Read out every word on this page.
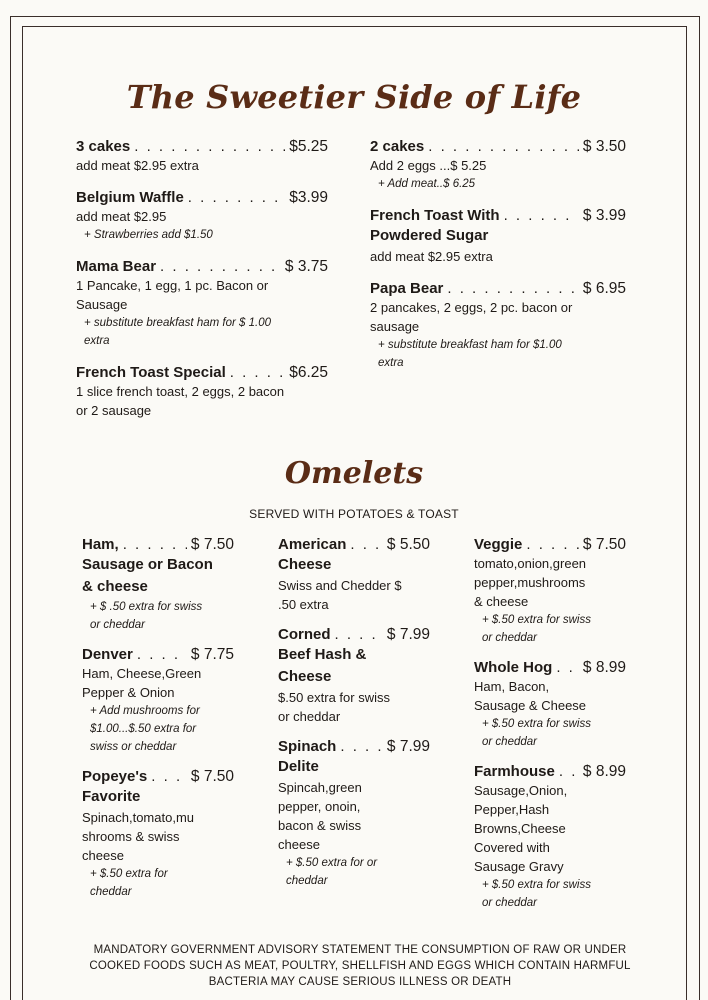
The Sweetier Side of Life
3 cakes . . .	$5.25
add meat $2.95 extra
Belgium Waffle . . .	$3.99
add meat $2.95
+ Strawberries add $1.50
Mama Bear . . .	$ 3.75
1 Pancake, 1 egg, 1 pc. Bacon or
Sausage
+ substitute breakfast ham for $ 1.00
extra
French Toast Special . . .	$6.25
1 slice french toast, 2 eggs, 2 bacon
or 2 sausage
2 cakes . . .	$ 3.50
Add 2 eggs ...$ 5.25
+ Add meat..$ 6.25
French Toast With . . .	$ 3.99
Powdered Sugar
add meat $2.95 extra
Papa Bear . . .	$ 6.95
2 pancakes, 2 eggs, 2 pc. bacon or
sausage
+ substitute breakfast ham for $1.00
extra
Omelets
SERVED WITH POTATOES & TOAST
Ham, . . .	$ 7.50
Sausage or Bacon
& cheese
+ $ .50 extra for swiss
or cheddar
Denver . . .	$ 7.75
Ham, Cheese,Green
Pepper & Onion
+ Add mushrooms for
$1.00...$.50 extra for
swiss or cheddar
Popeye's . . .	$ 7.50
Favorite
Spinach,tomato,mu
shrooms & swiss
cheese
+ $.50 extra for
cheddar
American . . .	$ 5.50
Cheese
Swiss and Chedder $
.50 extra
Corned . . .	$ 7.99
Beef Hash &
Cheese
$.50 extra for swiss
or cheddar
Spinach . . .	$ 7.99
Delite
Spincah,green
pepper, onoin,
bacon & swiss
cheese
+ $.50 extra for or
cheddar
Veggie . . .	$ 7.50
tomato,onion,green
pepper,mushrooms
& cheese
+ $.50 extra for swiss
or cheddar
Whole Hog . . . $ 8.99
Ham, Bacon,
Sausage & Cheese
+ $.50 extra for swiss
or cheddar
Farmhouse . . . $ 8.99
Sausage,Onion,
Pepper,Hash
Browns,Cheese
Covered with
Sausage Gravy
+ $.50 extra for swiss
or cheddar
MANDATORY GOVERNMENT ADVISORY STATEMENT THE CONSUMPTION OF RAW OR UNDER
COOKED FOODS SUCH AS MEAT, POULTRY, SHELLFISH AND EGGS WHICH CONTAIN HARMFUL
BACTERIA MAY CAUSE SERIOUS ILLNESS OR DEATH
